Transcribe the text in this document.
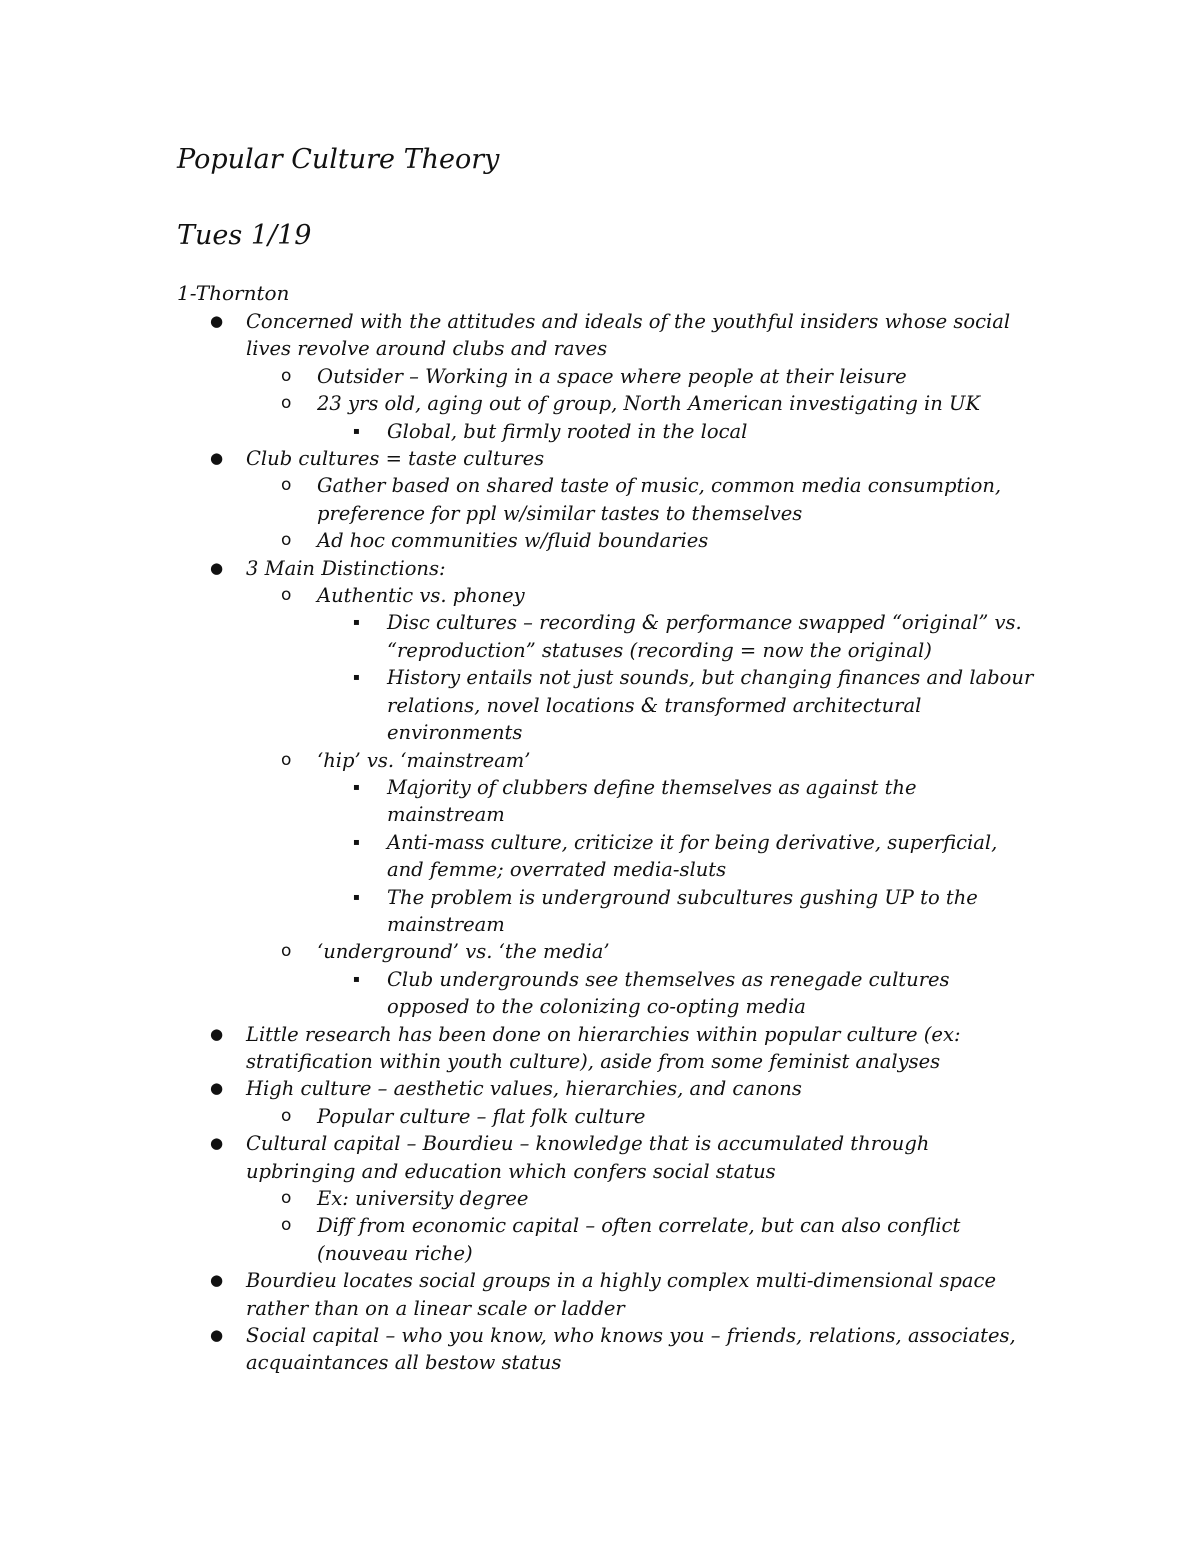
Popular Culture Theory
Tues 1/19
1-Thornton
● Concerned with the attitudes and ideals of the youthful insiders whose social lives revolve around clubs and raves
o Outsider – Working in a space where people at their leisure
o 23 yrs old, aging out of group, North American investigating in UK
▪ Global, but firmly rooted in the local
● Club cultures = taste cultures
o Gather based on shared taste of music, common media consumption, preference for ppl w/similar tastes to themselves
o Ad hoc communities w/fluid boundaries
● 3 Main Distinctions:
o Authentic vs. phoney
▪ Disc cultures – recording & performance swapped “original” vs. “reproduction” statuses (recording = now the original)
▪ History entails not just sounds, but changing finances and labour relations, novel locations & transformed architectural environments
o ‘hip’ vs. ‘mainstream’
▪ Majority of clubbers define themselves as against the mainstream
▪ Anti-mass culture, criticize it for being derivative, superficial, and femme; overrated media-sluts
▪ The problem is underground subcultures gushing UP to the mainstream
o ‘underground’ vs. ‘the media’
▪ Club undergrounds see themselves as renegade cultures opposed to the colonizing co-opting media
● Little research has been done on hierarchies within popular culture (ex: stratification within youth culture), aside from some feminist analyses
● High culture – aesthetic values, hierarchies, and canons
o Popular culture – flat folk culture
● Cultural capital – Bourdieu – knowledge that is accumulated through upbringing and education which confers social status
o Ex: university degree
o Diff from economic capital – often correlate, but can also conflict (nouveau riche)
● Bourdieu locates social groups in a highly complex multi-dimensional space rather than on a linear scale or ladder
● Social capital – who you know, who knows you – friends, relations, associates, acquaintances all bestow status
